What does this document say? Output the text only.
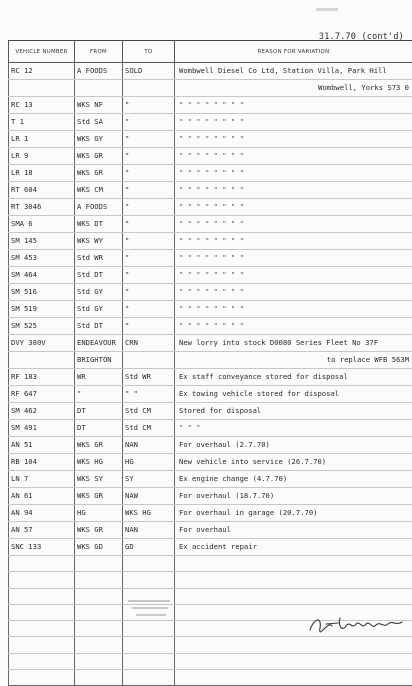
31.7.70 (cont'd)
VEHICLE NUMBER	FROM	TO	REASON FOR VARIATION
RC 12	A FOODS	SOLD	Wombwell Diesel Co Ltd, Station Villa, Park Hill
			Wombwell, Yorks S73 0
RC 13	WKS NF	"	" " " " " " " "
T 1	Std SA	"	" " " " " " " "
LR 1	WKS GY	"	" " " " " " " "
LR 9	WKS GR	"	" " " " " " " "
LR 18	WKS GR	"	" " " " " " " "
RT 604	WKS CM	"	" " " " " " " "
RT 3046	A FOODS	"	" " " " " " " "
SMA 6	WKS DT	"	" " " " " " " "
SM 145	WKS WY	"	" " " " " " " "
SM 453	Std WR	"	" " " " " " " "
SM 464	Std DT	"	" " " " " " " "
SM 516	Std GY	"	" " " " " " " "
SM 519	Std GY	"	" " " " " " " "
SM 525	Std DT	"	" " " " " " " "
DVY 380V	ENDEAVOUR	CRN	New lorry into stock D0080 Series Fleet No 37F
	BRIGHTON		to replace WFB 563M
RF 183	WR	Std WR	Ex staff conveyance stored for disposal
RF 647	"	" "	Ex towing vehicle stored for disposal
SM 462	DT	Std CM	Stored for disposal
SM 491	DT	Std CM	" " "
AN 51	WKS GR	NAN	For overhaul (2.7.70)
RB 104	WKS HG	HG	New vehicle into service (26.7.70)
LN 7	WKS SY	SY	Ex engine change (4.7.70)
AN 61	WKS GR	NAW	For overhaul (18.7.70)
AN 94	HG	WKS HG	For overhaul in garage (20.7.70)
AN 57	WKS GR	NAN	For overhaul
SNC 133	WKS GD	GD	Ex accident repair
